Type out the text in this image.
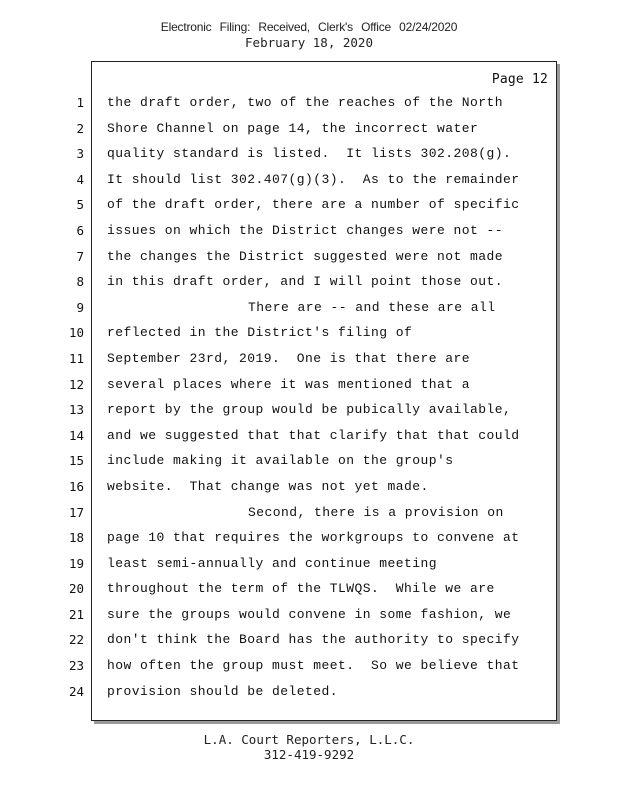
Electronic Filing: Received, Clerk's Office 02/24/2020
February 18, 2020
Page 12
1
2
3
4
5
6
7
8
9
10
11
12
13
14
15
16
17
18
19
20
21
22
23
24
the draft order, two of the reaches of the North
Shore Channel on page 14, the incorrect water
quality standard is listed.  It lists 302.208(g).
It should list 302.407(g)(3).  As to the remainder
of the draft order, there are a number of specific
issues on which the District changes were not --
the changes the District suggested were not made
in this draft order, and I will point those out.
There are -- and these are all
reflected in the District's filing of
September 23rd, 2019.  One is that there are
several places where it was mentioned that a
report by the group would be pubically available,
and we suggested that that clarify that that could
include making it available on the group's
website.  That change was not yet made.
Second, there is a provision on
page 10 that requires the workgroups to convene at
least semi-annually and continue meeting
throughout the term of the TLWQS.  While we are
sure the groups would convene in some fashion, we
don't think the Board has the authority to specify
how often the group must meet.  So we believe that
provision should be deleted.
L.A. Court Reporters, L.L.C.
312-419-9292
